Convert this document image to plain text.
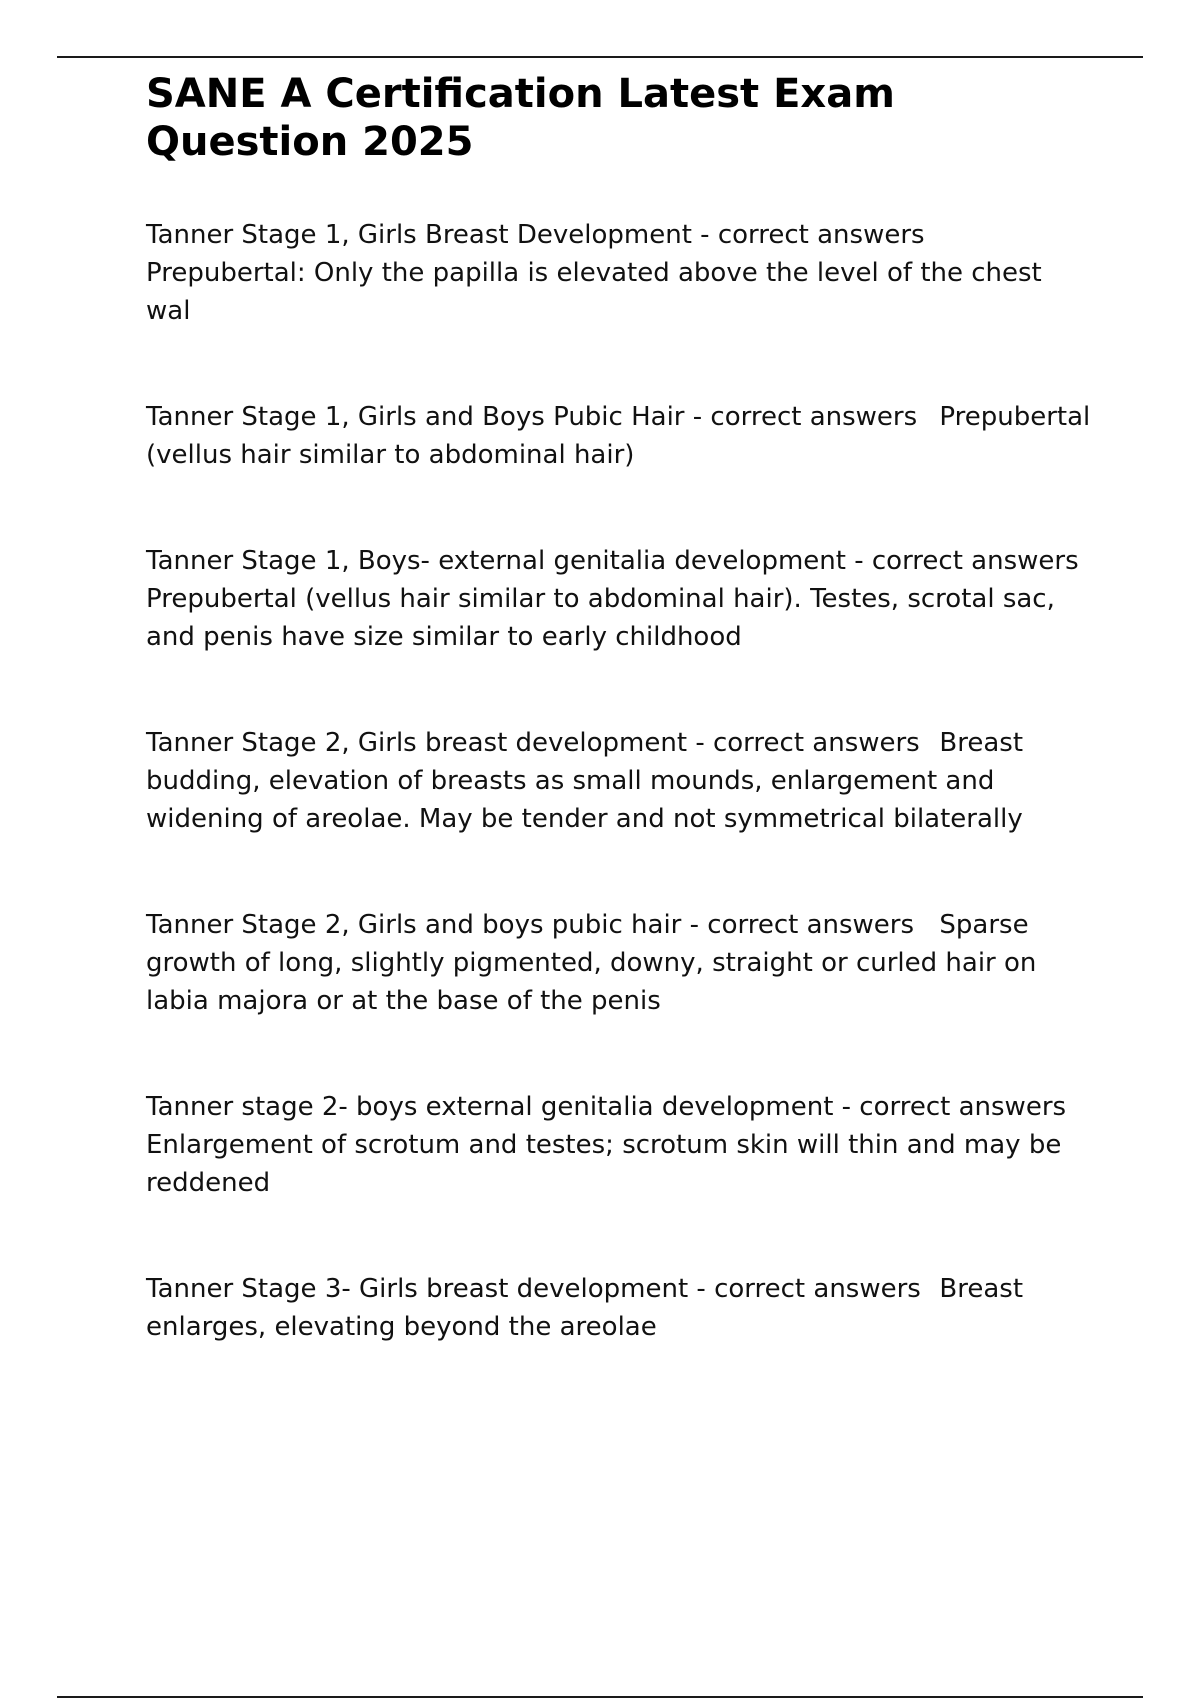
SANE A Certification Latest Exam Question 2025

Tanner Stage 1, Girls Breast Development - correct answers	Prepubertal: Only the papilla is elevated above the level of the chest wal

Tanner Stage 1, Girls and Boys Pubic Hair - correct answers	Prepubertal (vellus hair similar to abdominal hair)

Tanner Stage 1, Boys- external genitalia development - correct answers	Prepubertal (vellus hair similar to abdominal hair). Testes, scrotal sac, and penis have size similar to early childhood

Tanner Stage 2, Girls breast development - correct answers	Breast budding, elevation of breasts as small mounds, enlargement and widening of areolae. May be tender and not symmetrical bilaterally

Tanner Stage 2, Girls and boys pubic hair - correct answers	Sparse growth of long, slightly pigmented, downy, straight or curled hair on labia majora or at the base of the penis

Tanner stage 2- boys external genitalia development - correct answers	Enlargement of scrotum and testes; scrotum skin will thin and may be reddened

Tanner Stage 3- Girls breast development - correct answers	Breast enlarges, elevating beyond the areolae
